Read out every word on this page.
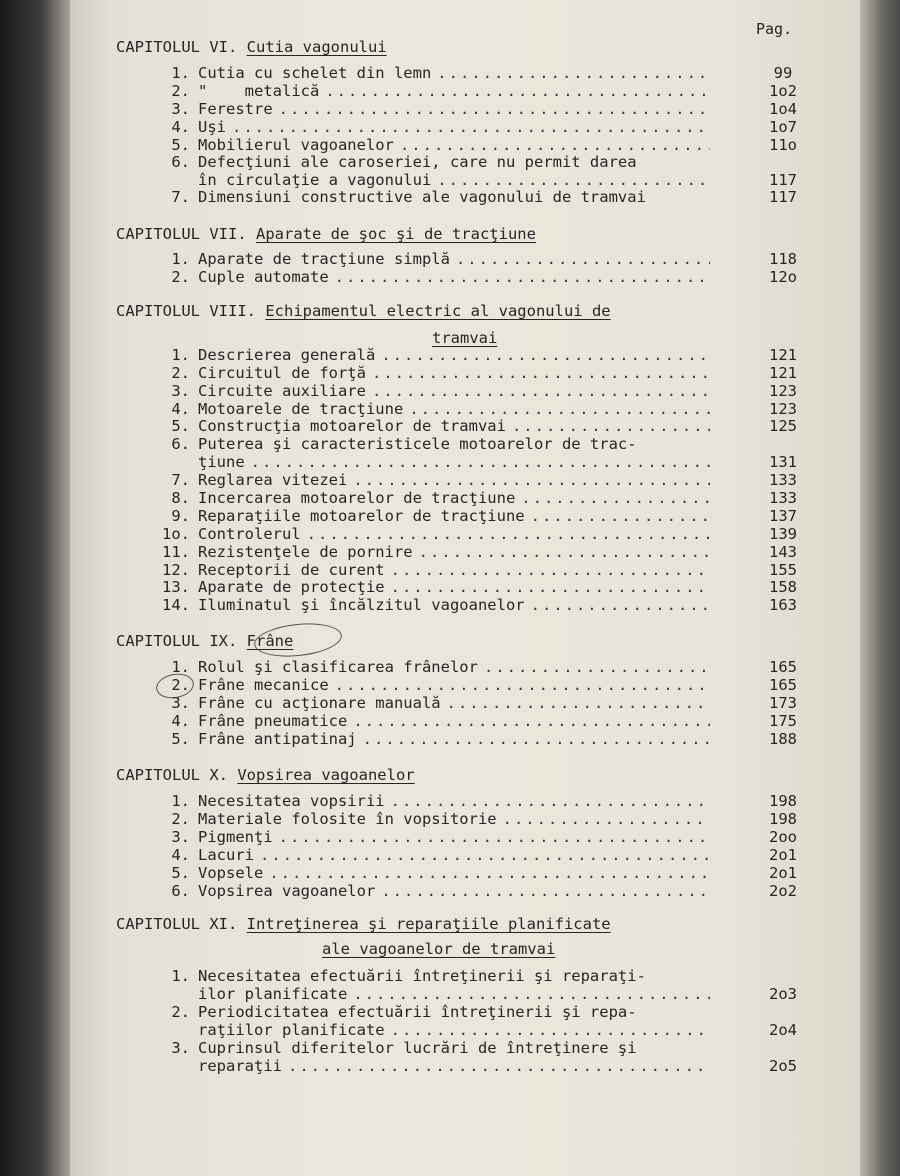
Pag.
CAPITOLUL VI. Cutia vagonului
1. Cutia cu schelet din lemn .....	99
2. "    metalică .....	1o2
3. Ferestre .....	1o4
4. Uşi .....	1o7
5. Mobilierul vagoanelor .....	11o
6. Defecţiuni ale caroseriei, care nu permit darea
în circulaţie a vagonului .....	117
7. Dimensiuni constructive ale vagonului de tramvai	117
CAPITOLUL VII. Aparate de şoc şi de tracţiune
1. Aparate de tracţiune simplă .....	118
2. Cuple automate .....	12o
CAPITOLUL VIII. Echipamentul electric al vagonului de
tramvai
1. Descrierea generală .....	121
2. Circuitul de forţă .....	121
3. Circuite auxiliare .....	123
4. Motoarele de tracţiune .....	123
5. Construcţia motoarelor de tramvai .....	125
6. Puterea şi caracteristicele motoarelor de trac-
ţiune .....	131
7. Reglarea vitezei .....	133
8. Incercarea motoarelor de tracţiune .....	133
9. Reparaţiile motoarelor de tracţiune .....	137
1o. Controlerul .....	139
11. Rezistenţele de pornire .....	143
12. Receptorii de curent .....	155
13. Aparate de protecţie .....	158
14. Iluminatul şi încălzitul vagoanelor .....	163
CAPITOLUL IX. Frâne
1. Rolul şi clasificarea frânelor .....	165
2. Frâne mecanice .....	165
3. Frâne cu acţionare manuală .....	173
4. Frâne pneumatice .....	175
5. Frâne antipatinaj .....	188
CAPITOLUL X. Vopsirea vagoanelor
1. Necesitatea vopsirii .....	198
2. Materiale folosite în vopsitorie .....	198
3. Pigmenţi .....	2oo
4. Lacuri .....	2o1
5. Vopsele .....	2o1
6. Vopsirea vagoanelor .....	2o2
CAPITOLUL XI. Intreţinerea şi reparaţiile planificate
ale vagoanelor de tramvai
1. Necesitatea efectuării întreţinerii şi reparaţi-
ilor planificate .....	2o3
2. Periodicitatea efectuării întreţinerii şi repa-
raţiilor planificate .....	2o4
3. Cuprinsul diferitelor lucrări de întreţinere şi
reparaţii .....	2o5
